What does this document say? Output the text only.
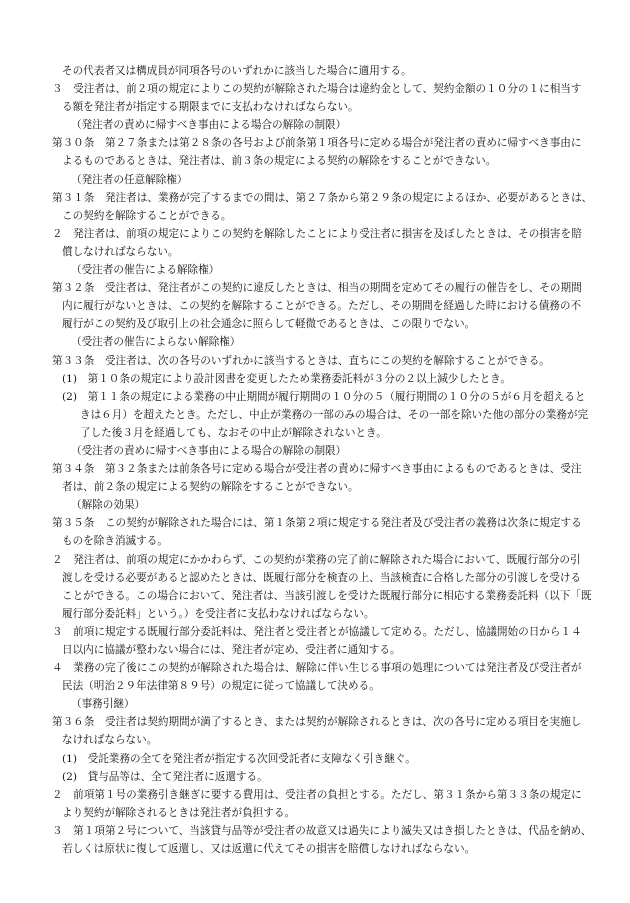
その代表者又は構成員が同項各号のいずれかに該当した場合に適用する。
３　受注者は、前２項の規定によりこの契約が解除された場合は違約金として、契約金額の１０分の１に相当す
る額を発注者が指定する期限までに支払わなければならない。
（発注者の責めに帰すべき事由による場合の解除の制限）
第３０条　第２７条または第２８条の各号および前条第１項各号に定める場合が発注者の責めに帰すべき事由に
よるものであるときは、発注者は、前３条の規定による契約の解除をすることができない。
（発注者の任意解除権）
第３１条　発注者は、業務が完了するまでの間は、第２７条から第２９条の規定によるほか、必要があるときは、
この契約を解除することができる。
２　発注者は、前項の規定によりこの契約を解除したことにより受注者に損害を及ぼしたときは、その損害を賠
償しなければならない。
（受注者の催告による解除権）
第３２条　受注者は、発注者がこの契約に違反したときは、相当の期間を定めてその履行の催告をし、その期間
内に履行がないときは、この契約を解除することができる。ただし、その期間を経過した時における債務の不
履行がこの契約及び取引上の社会通念に照らして軽微であるときは、この限りでない。
（受注者の催告によらない解除権）
第３３条　受注者は、次の各号のいずれかに該当するときは、直ちにこの契約を解除することができる。
(1)　第１０条の規定により設計図書を変更したため業務委託料が３分の２以上減少したとき。
(2)　第１１条の規定による業務の中止期間が履行期間の１０分の５（履行期間の１０分の５が６月を超えると
きは６月）を超えたとき。ただし、中止が業務の一部のみの場合は、その一部を除いた他の部分の業務が完
了した後３月を経過しても、なおその中止が解除されないとき。
（受注者の責めに帰すべき事由による場合の解除の制限）
第３４条　第３２条または前条各号に定める場合が受注者の責めに帰すべき事由によるものであるときは、受注
者は、前２条の規定による契約の解除をすることができない。
（解除の効果）
第３５条　この契約が解除された場合には、第１条第２項に規定する発注者及び受注者の義務は次条に規定する
ものを除き消滅する。
２　発注者は、前項の規定にかかわらず、この契約が業務の完了前に解除された場合において、既履行部分の引
渡しを受ける必要があると認めたときは、既履行部分を検査の上、当該検査に合格した部分の引渡しを受ける
ことができる。この場合において、発注者は、当該引渡しを受けた既履行部分に相応する業務委託料（以下「既
履行部分委託料」という。）を受注者に支払わなければならない。
３　前項に規定する既履行部分委託料は、発注者と受注者とが協議して定める。ただし、協議開始の日から１４
日以内に協議が整わない場合には、発注者が定め、受注者に通知する。
４　業務の完了後にこの契約が解除された場合は、解除に伴い生じる事項の処理については発注者及び受注者が
民法（明治２９年法律第８９号）の規定に従って協議して決める。
（事務引継）
第３６条　受注者は契約期間が満了するとき、または契約が解除されるときは、次の各号に定める項目を実施し
なければならない。
(1)　受託業務の全てを発注者が指定する次回受託者に支障なく引き継ぐ。
(2)　貸与品等は、全て発注者に返還する。
２　前項第１号の業務引き継ぎに要する費用は、受注者の負担とする。ただし、第３１条から第３３条の規定に
より契約が解除されるときは発注者が負担する。
３　第１項第２号について、当該貸与品等が受注者の故意又は過失により滅失又はき損したときは、代品を納め、
若しくは原状に復して返還し、又は返還に代えてその損害を賠償しなければならない。
